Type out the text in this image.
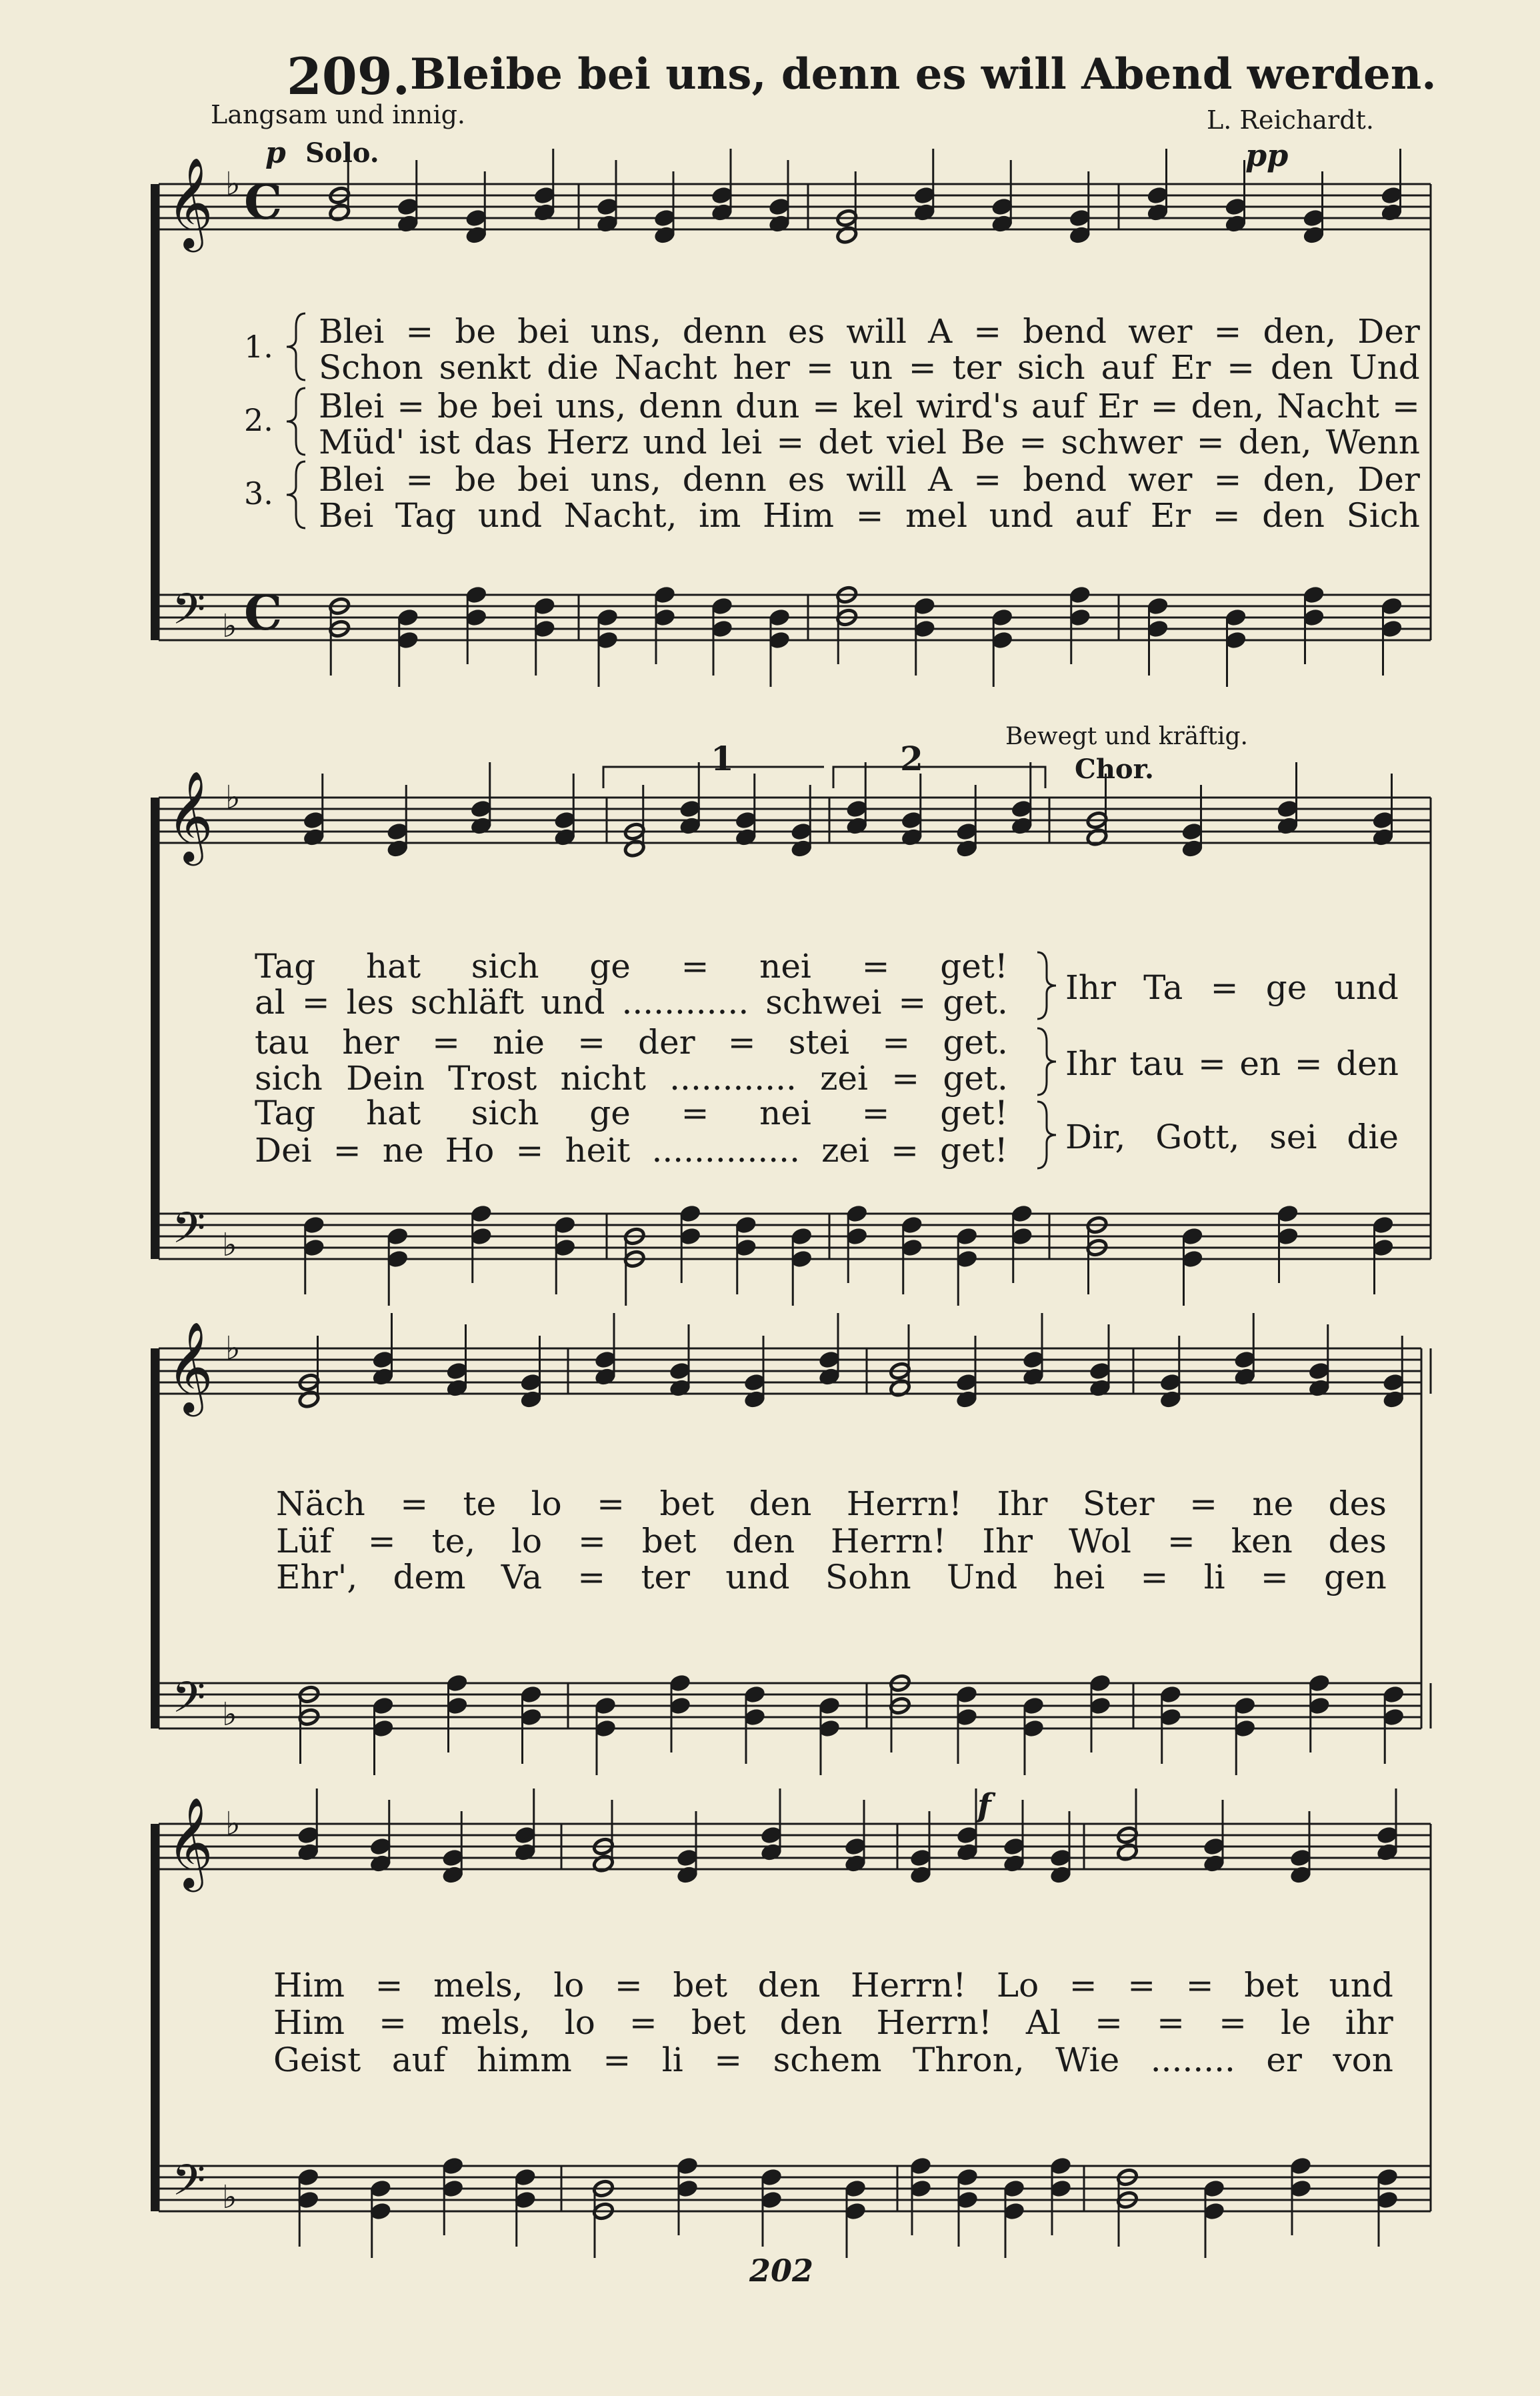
209. Bleibe bei uns, denn es will Abend werden.
Langsam und innig.	L. Reichardt.
p Solo.	pp
1	2
Bewegt und kräftig.
Chor.
f
1.
2.
3.
Blei = be bei uns, denn es will A = bend wer = den, Der
Schon senkt die Nacht her = un = ter sich auf Er = den Und
Blei = be bei uns, denn dun = kel wird's auf Er = den, Nacht =
Müd' ist das Herz und lei = det viel Be = schwer = den, Wenn
Blei = be bei uns, denn es will A = bend wer = den, Der
Bei Tag und Nacht, im Him = mel und auf Er = den Sich
Tag hat sich ge = nei = get!
al = les schläft und ............ schwei = get.
tau her = nie = der = stei = get.
sich Dein Trost nicht ............ zei = get.
Tag hat sich ge = nei = get!
Dei = ne Ho = heit .............. zei = get!
Ihr Ta = ge und
Ihr tau = en = den
Dir, Gott, sei die
Näch = te lo = bet den Herrn! Ihr Ster = ne des
Lüf = te, lo = bet den Herrn! Ihr Wol = ken des
Ehr', dem Va = ter und Sohn Und hei = li = gen
Him = mels, lo = bet den Herrn! Lo = = = bet und
Him = mels, lo = bet den Herrn! Al = = = le ihr
Geist auf himm = li = schem Thron, Wie ........ er von
202
𝄞
𝄢
♭
♭
C
C
𝄞
𝄢
♭
♭
𝄞
𝄢
♭
♭
𝄞
𝄢
♭
♭
